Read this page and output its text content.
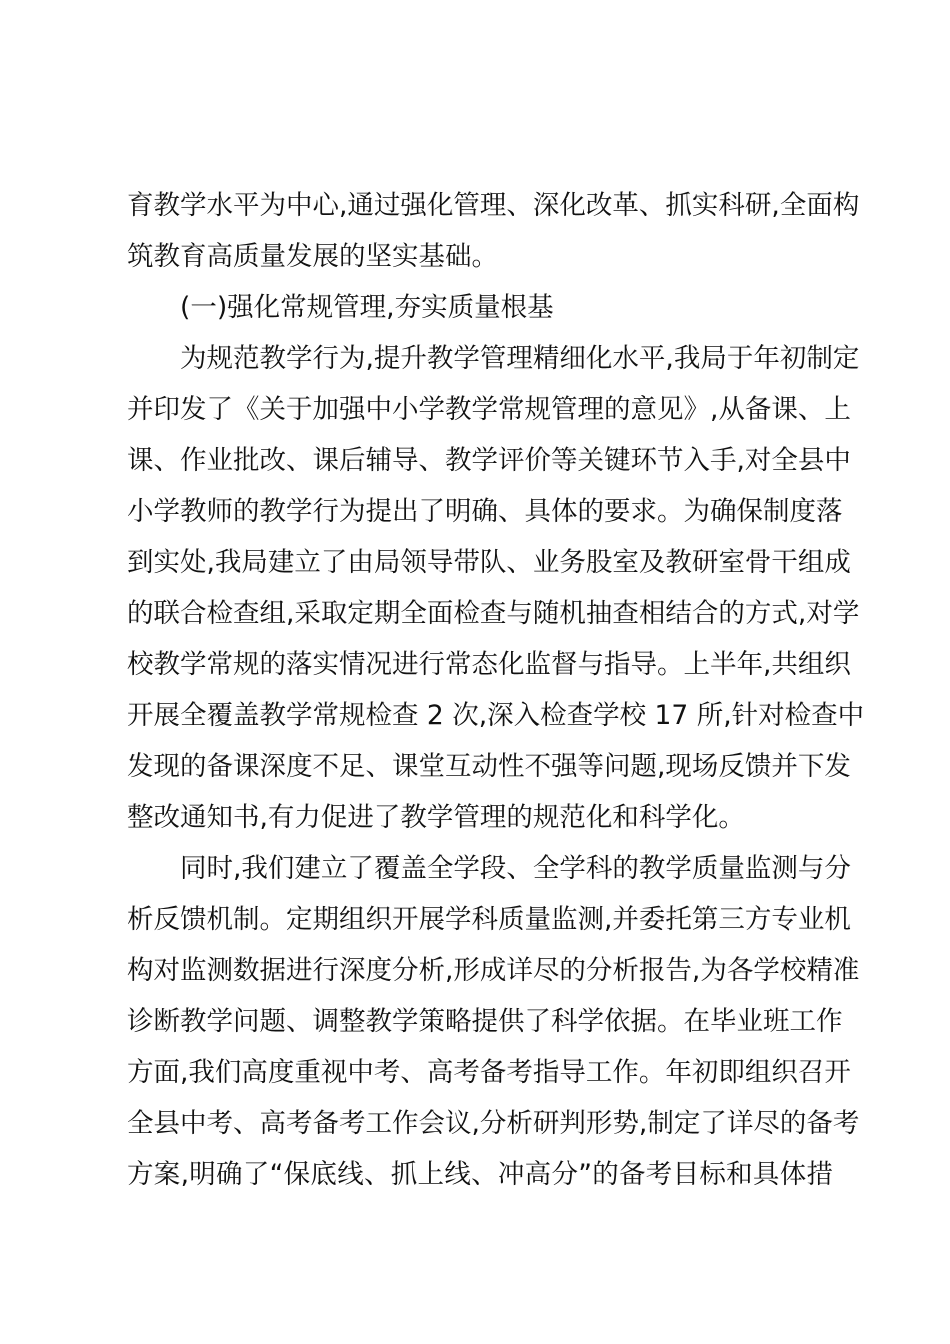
育教学水平为中心,通过强化管理、深化改革、抓实科研,全面构
筑教育高质量发展的坚实基础。
(一)强化常规管理,夯实质量根基
为规范教学行为,提升教学管理精细化水平,我局于年初制定
并印发了《关于加强中小学教学常规管理的意见》,从备课、上
课、作业批改、课后辅导、教学评价等关键环节入手,对全县中
小学教师的教学行为提出了明确、具体的要求。为确保制度落
到实处,我局建立了由局领导带队、业务股室及教研室骨干组成
的联合检查组,采取定期全面检查与随机抽查相结合的方式,对学
校教学常规的落实情况进行常态化监督与指导。上半年,共组织
开展全覆盖教学常规检查 2 次,深入检查学校 17 所,针对检查中
发现的备课深度不足、课堂互动性不强等问题,现场反馈并下发
整改通知书,有力促进了教学管理的规范化和科学化。
同时,我们建立了覆盖全学段、全学科的教学质量监测与分
析反馈机制。定期组织开展学科质量监测,并委托第三方专业机
构对监测数据进行深度分析,形成详尽的分析报告,为各学校精准
诊断教学问题、调整教学策略提供了科学依据。在毕业班工作
方面,我们高度重视中考、高考备考指导工作。年初即组织召开
全县中考、高考备考工作会议,分析研判形势,制定了详尽的备考
方案,明确了“保底线、抓上线、冲高分”的备考目标和具体措
